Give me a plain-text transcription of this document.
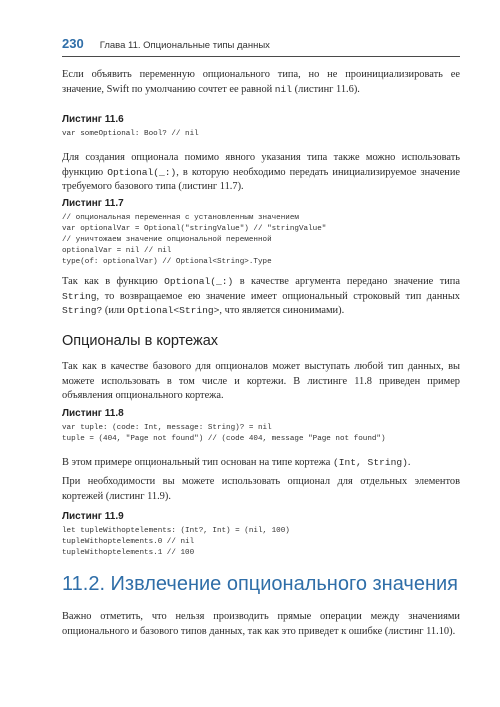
230 Глава 11. Опциональные типы данных

Если объявить переменную опционального типа, но не проинициализировать ее значение, Swift по умолчанию сочтет ее равной nil (листинг 11.6).

Листинг 11.6
var someOptional: Bool? // nil

Для создания опционала помимо явного указания типа также можно использовать функцию Optional(_:), в которую необходимо передать инициализируемое значение требуемого базового типа (листинг 11.7).

Листинг 11.7
// опциональная переменная с установленным значением
var optionalVar = Optional("stringValue") // "stringValue"
// уничтожаем значение опциональной переменной
optionalVar = nil // nil
type(of: optionalVar) // Optional<String>.Type

Так как в функцию Optional(_:) в качестве аргумента передано значение типа String, то возвращаемое ею значение имеет опциональный строковый тип данных String? (или Optional<String>, что является синонимами).

Опционалы в кортежах

Так как в качестве базового для опционалов может выступать любой тип данных, вы можете использовать в том числе и кортежи. В листинге 11.8 приведен пример объявления опционального кортежа.

Листинг 11.8
var tuple: (code: Int, message: String)? = nil
tuple = (404, "Page not found") // (code 404, message "Page not found")

В этом примере опциональный тип основан на типе кортежа (Int, String).

При необходимости вы можете использовать опционал для отдельных элементов кортежей (листинг 11.9).

Листинг 11.9
let tupleWithoptelements: (Int?, Int) = (nil, 100)
tupleWithoptelements.0 // nil
tupleWithoptelements.1 // 100
11.2. Извлечение опционального значения

Важно отметить, что нельзя производить прямые операции между значениями опционального и базового типов данных, так как это приведет к ошибке (листинг 11.10).
